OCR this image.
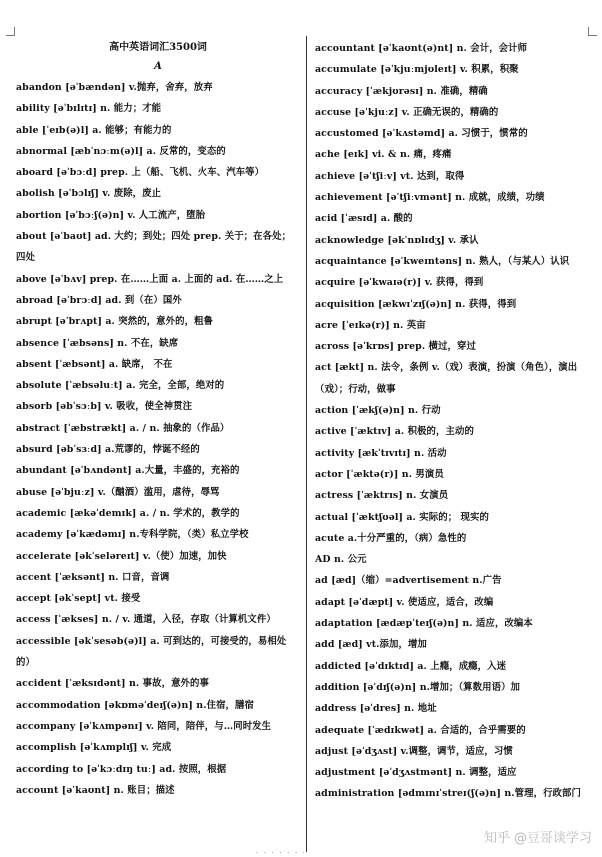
高中英语词汇3500词
A
abandon [əˈbændən] v.抛弃，舍弃，放弃
ability [əˈbɪlɪtɪ] n. 能力；才能
able [ˈeɪb(ə)l] a. 能够；有能力的
abnormal [æbˈnɔːm(ə)l] a. 反常的，变态的
aboard [əˈbɔːd] prep. 上（船、飞机、火车、汽车等）
abolish [əˈbɔlɪʃ] v. 废除，废止
abortion [əˈbɔːʃ(ə)n] v. 人工流产，堕胎
about [əˈbaʊt] ad. 大约；到处；四处 prep. 关于；在各处；四处
above [əˈbʌv] prep. 在……上面 a. 上面的 ad. 在……之上
abroad [əˈbrɔːd] ad. 到（在）国外
abrupt [əˈbrʌpt] a. 突然的，意外的，粗鲁
absence [ˈæbsəns] n. 不在，缺席
absent [ˈæbsənt] a. 缺席， 不在
absolute [ˈæbsəluːt] a. 完全，全部，绝对的
absorb [əbˈsɔːb] v. 吸收，使全神贯注
abstract [ˈæbstrækt] a. / n. 抽象的（作品）
absurd [əbˈsɜːd] a.荒谬的，悖诞不经的
abundant [əˈbʌndənt] a.大量，丰盛的，充裕的
abuse [əˈbjuːz] v.（酗酒）滥用，虐待，辱骂
academic [ækəˈdemɪk] a. / n. 学术的，教学的
academy [əˈkædəmɪ] n.专科学院，（类）私立学校
accelerate [əkˈseləreɪt] v.（使）加速，加快
accent [ˈæksənt] n. 口音，音调
accept [əkˈsept] vt. 接受
access [ˈækses] n. / v. 通道，入径，存取（计算机文件）
accessible [əkˈsesəb(ə)l] a. 可到达的，可接受的，易相处的）
accident [ˈæksɪdənt] n. 事故，意外的事
accommodation [əkɒməˈdeɪʃ(ə)n] n.住宿，膳宿
accompany [əˈkʌmpənɪ] v. 陪同，陪伴，与…同时发生
accomplish [əˈkʌmplɪʃ] v. 完成
according to [əˈkɔːdɪŋ tuː] ad. 按照，根据
account [əˈkaʊnt] n. 账目；描述
accountant [əˈkaʊnt(ə)nt] n. 会计，会计师
accumulate [əˈkjuːmjʊleɪt] v. 积累，积聚
accuracy [ˈækjʊrəsɪ] n. 准确，精确
accuse [əˈkjuːz] v. 正确无误的，精确的
accustomed [əˈkʌstəmd] a. 习惯于，惯常的
ache [eɪk] vi. & n. 痛，疼痛
achieve [əˈtʃiːv] vt. 达到，取得
achievement [əˈtʃiːvmənt] n. 成就，成绩，功绩
acid [ˈæsɪd] a. 酸的
acknowledge [əkˈnɒlɪdʒ] v. 承认
acquaintance [əˈkweɪntəns] n. 熟人，（与某人）认识
acquire [əˈkwaɪə(r)] v. 获得，得到
acquisition [ækwɪˈzɪʃ(ə)n] n. 获得，得到
acre [ˈeɪkə(r)] n. 英亩
across [əˈkrɒs] prep. 横过，穿过
act [ækt] n. 法令，条例 v.（戏）表演，扮演（角色），演出（戏）；行动，做事
action [ˈækʃ(ə)n] n. 行动
active [ˈæktɪv] a. 积极的，主动的
activity [ækˈtɪvɪtɪ] n. 活动
actor [ˈæktə(r)] n. 男演员
actress [ˈæktrɪs] n. 女演员
actual [ˈæktʃʊəl] a. 实际的； 现实的
acute a.十分严重的，（病）急性的
AD n. 公元
ad [æd]（缩）=advertisement n.广告
adapt [əˈdæpt] v. 使适应，适合，改编
adaptation [ædæpˈteɪʃ(ə)n] n. 适应，改编本
add [æd] vt.添加，增加
addicted [əˈdɪktɪd] a. 上瘾，成瘾，入迷
addition [əˈdɪʃ(ə)n] n.增加；（算数用语）加
address [əˈdres] n. 地址
adequate [ˈædɪkwət] a. 合适的，合乎需要的
adjust [əˈdʒʌst] v.调整，调节，适应，习惯
adjustment [əˈdʒʌstmənt] n. 调整，适应
administration [ədmɪnɪˈstreɪ(ʃ(ə)n] n.管理，行政部门
· · · · · · ·
知乎 @豆哥谈学习
